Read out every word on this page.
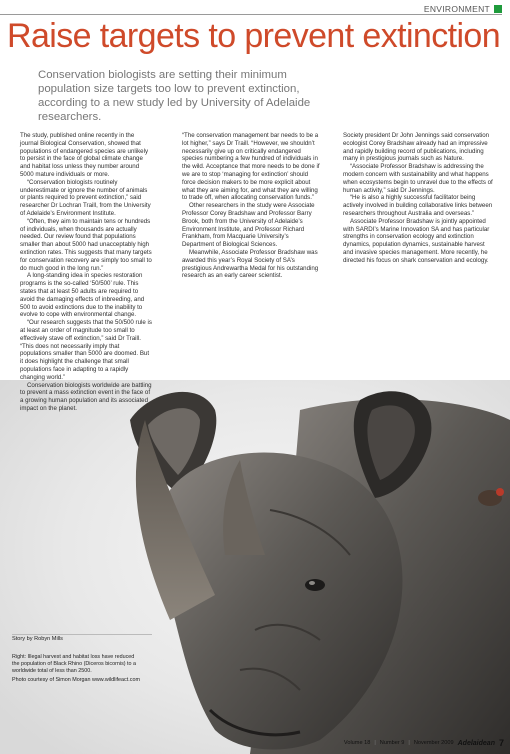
ENVIRONMENT
Raise targets to prevent extinction

Conservation biologists are setting their minimum population size targets too low to prevent extinction, according to a new study led by University of Adelaide researchers.

The study, published online recently in the journal Biological Conservation, showed that populations of endangered species are unlikely to persist in the face of global climate change and habitat loss unless they number around 5000 mature individuals or more.

“Conservation biologists routinely underestimate or ignore the number of animals or plants required to prevent extinction,” said researcher Dr Lochran Traill, from the University of Adelaide’s Environment Institute.

“Often, they aim to maintain tens or hundreds of individuals, when thousands are actually needed. Our review found that populations smaller than about 5000 had unacceptably high extinction rates. This suggests that many targets for conservation recovery are simply too small to do much good in the long run.”

A long-standing idea in species restoration programs is the so-called ‘50/500’ rule. This states that at least 50 adults are required to avoid the damaging effects of inbreeding, and 500 to avoid extinctions due to the inability to evolve to cope with environmental change.

“Our research suggests that the 50/500 rule is at least an order of magnitude too small to effectively stave off extinction,” said Dr Traill. “This does not necessarily imply that populations smaller than 5000 are doomed. But it does highlight the challenge that small populations face in adapting to a rapidly changing world.”

Conservation biologists worldwide are battling to prevent a mass extinction event in the face of a growing human population and its associated impact on the planet.

“The conservation management bar needs to be a lot higher,” says Dr Traill. “However, we shouldn’t necessarily give up on critically endangered species numbering a few hundred of individuals in the wild. Acceptance that more needs to be done if we are to stop ‘managing for extinction’ should force decision makers to be more explicit about what they are aiming for, and what they are willing to trade off, when allocating conservation funds.”

Other researchers in the study were Associate Professor Corey Bradshaw and Professor Barry Brook, both from the University of Adelaide’s Environment Institute, and Professor Richard Frankham, from Macquarie University’s Department of Biological Sciences.

Meanwhile, Associate Professor Bradshaw was awarded this year’s Royal Society of SA’s prestigious Andrewartha Medal for his outstanding research as an early career scientist.

Society president Dr John Jennings said conservation ecologist Corey Bradshaw already had an impressive and rapidly building record of publications, including many in prestigious journals such as Nature.

“Associate Professor Bradshaw is addressing the modern concern with sustainability and what happens when ecosystems begin to unravel due to the effects of human activity,” said Dr Jennings.

“He is also a highly successful facilitator being actively involved in building collaborative links between researchers throughout Australia and overseas.”

Associate Professor Bradshaw is jointly appointed with SARDI’s Marine Innovation SA and has particular strengths in conservation ecology and extinction dynamics, population dynamics, sustainable harvest and invasive species management. More recently, he directed his focus on shark conservation and ecology.

Story by Robyn Mills
Right: Illegal harvest and habitat loss have reduced the population of Black Rhino (Diceros bicornis) to a worldwide total of less than 2500.
Photo courtesy of Simon Morgan www.wildlifeact.com
Volume 18 | Number 9 | November 2009 Adelaidean 7
